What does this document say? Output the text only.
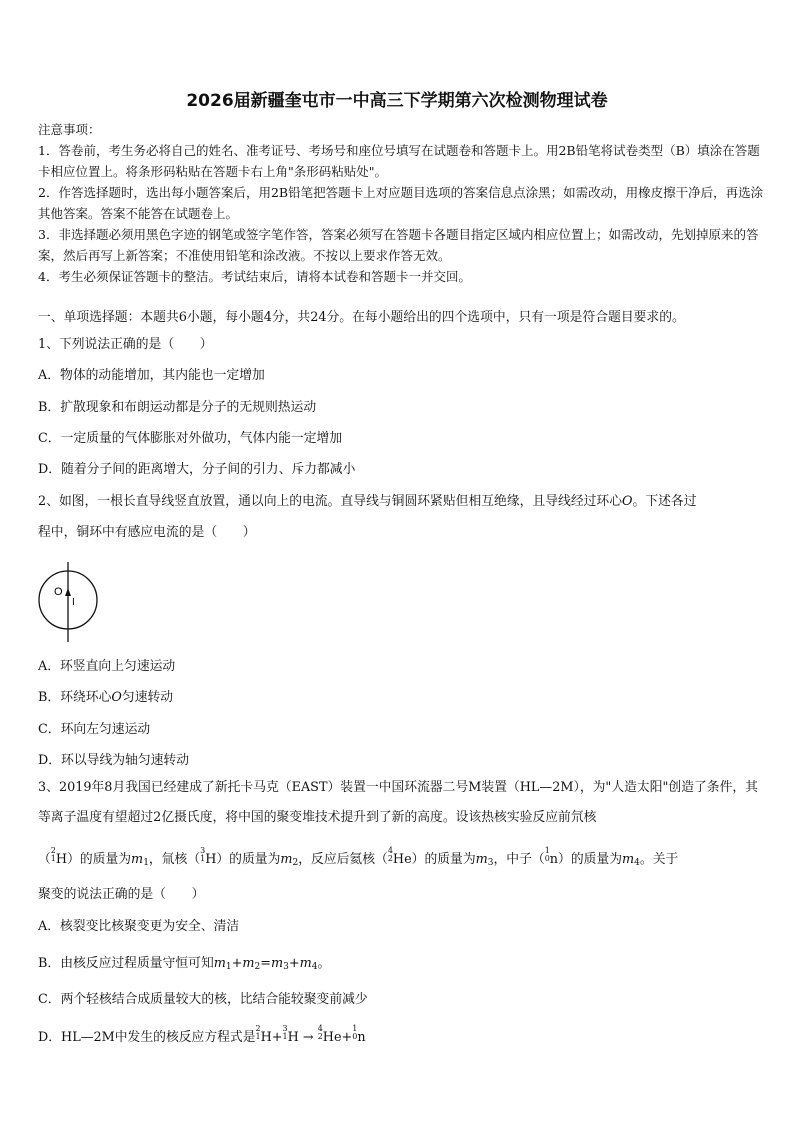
2026届新疆奎屯市一中高三下学期第六次检测物理试卷

注意事项：

1．答卷前，考生务必将自己的姓名、准考证号、考场号和座位号填写在试题卷和答题卡上。用2B铅笔将试卷类型（B）填涂在答题卡相应位置上。将条形码粘贴在答题卡右上角"条形码粘贴处"。

2．作答选择题时，选出每小题答案后，用2B铅笔把答题卡上对应题目选项的答案信息点涂黑；如需改动，用橡皮擦干净后，再选涂其他答案。答案不能答在试题卷上。

3．非选择题必须用黑色字迹的钢笔或签字笔作答，答案必须写在答题卡各题目指定区域内相应位置上；如需改动，先划掉原来的答案，然后再写上新答案；不准使用铅笔和涂改液。不按以上要求作答无效。

4．考生必须保证答题卡的整洁。考试结束后，请将本试卷和答题卡一并交回。

一、单项选择题：本题共6小题，每小题4分，共24分。在每小题给出的四个选项中，只有一项是符合题目要求的。
1、下列说法正确的是（　　）
A．物体的动能增加，其内能也一定增加
B．扩散现象和布朗运动都是分子的无规则热运动
C．一定质量的气体膨胀对外做功，气体内能一定增加
D．随着分子间的距离增大，分子间的引力、斥力都减小
2、如图，一根长直导线竖直放置，通以向上的电流。直导线与铜圆环紧贴但相互绝缘，且导线经过环心O。下述各过
程中，铜环中有感应电流的是（　　）
O
I
A．环竖直向上匀速运动
B．环绕环心O匀速转动
C．环向左匀速运动
D．环以导线为轴匀速转动
3、2019年8月我国已经建成了新托卡马克（EAST）装置一中国环流器二号M装置（HL—2M），为"人造太阳"创造了条件，其等离子温度有望超过2亿摄氏度，将中国的聚变堆技术提升到了新的高度。设该热核实验反应前氘核
（2
1H）的质量为$m_1$，氚核（3
1H）的质量为$m_2$，反应后氦核（4
2He）的质量为$m_3$，中子（1
0n）的质量为$m_4$。关于
聚变的说法正确的是（　　）
A．核裂变比核聚变更为安全、清洁
B．由核反应过程质量守恒可知$m_1+m_2=m_3+m_4$。
C．两个轻核结合成质量较大的核，比结合能较聚变前减少
D．HL—2M中发生的核反应方程式是2
1H+3
1H → 4
2He+1
0n
